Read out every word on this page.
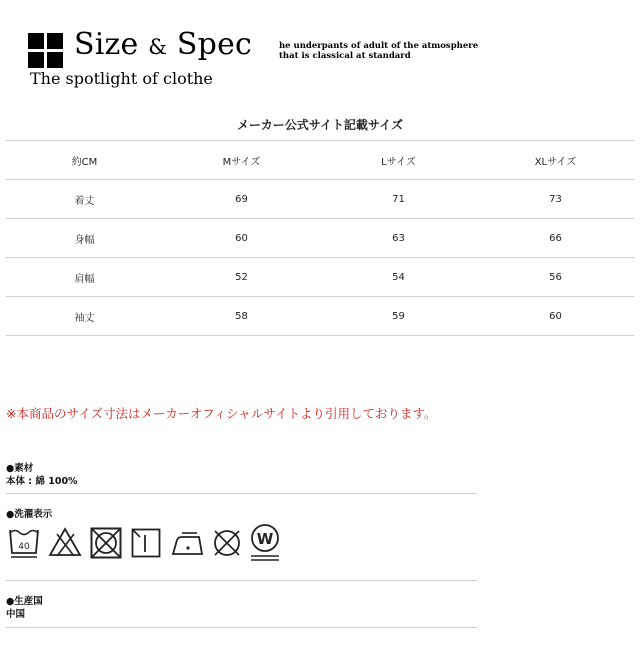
Size & Spec
The spotlight of clothe
he underpants of adult of the atmosphere
that is classical at standard
メーカー公式サイト記載サイズ
約CM	Mサイズ	Lサイズ	XLサイズ
着丈	69	71	73
身幅	60	63	66
肩幅	52	54	56
袖丈	58	59	60
※本商品のサイズ寸法はメーカーオフィシャルサイトより引用しております。
●素材
本体 : 綿 100%
●洗濯表示
40	W
●生産国
中国
